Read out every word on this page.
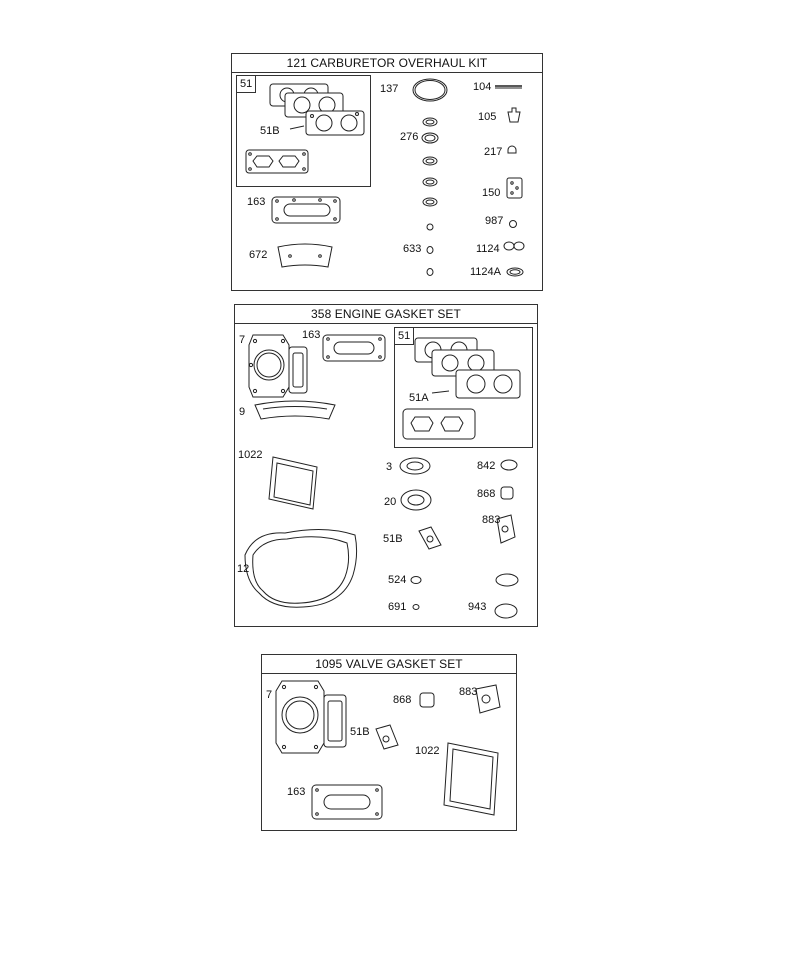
121 CARBURETOR OVERHAUL KIT
51
51B
137	104
105
276
217
150
987
163
672	633	1124
1124A
358 ENGINE GASKET SET
51
7	163
9
51A
1022
3	842
20
868
51B
883
12
524
691	943
1095 VALVE GASKET SET
7	868
883
51B
1022
163
